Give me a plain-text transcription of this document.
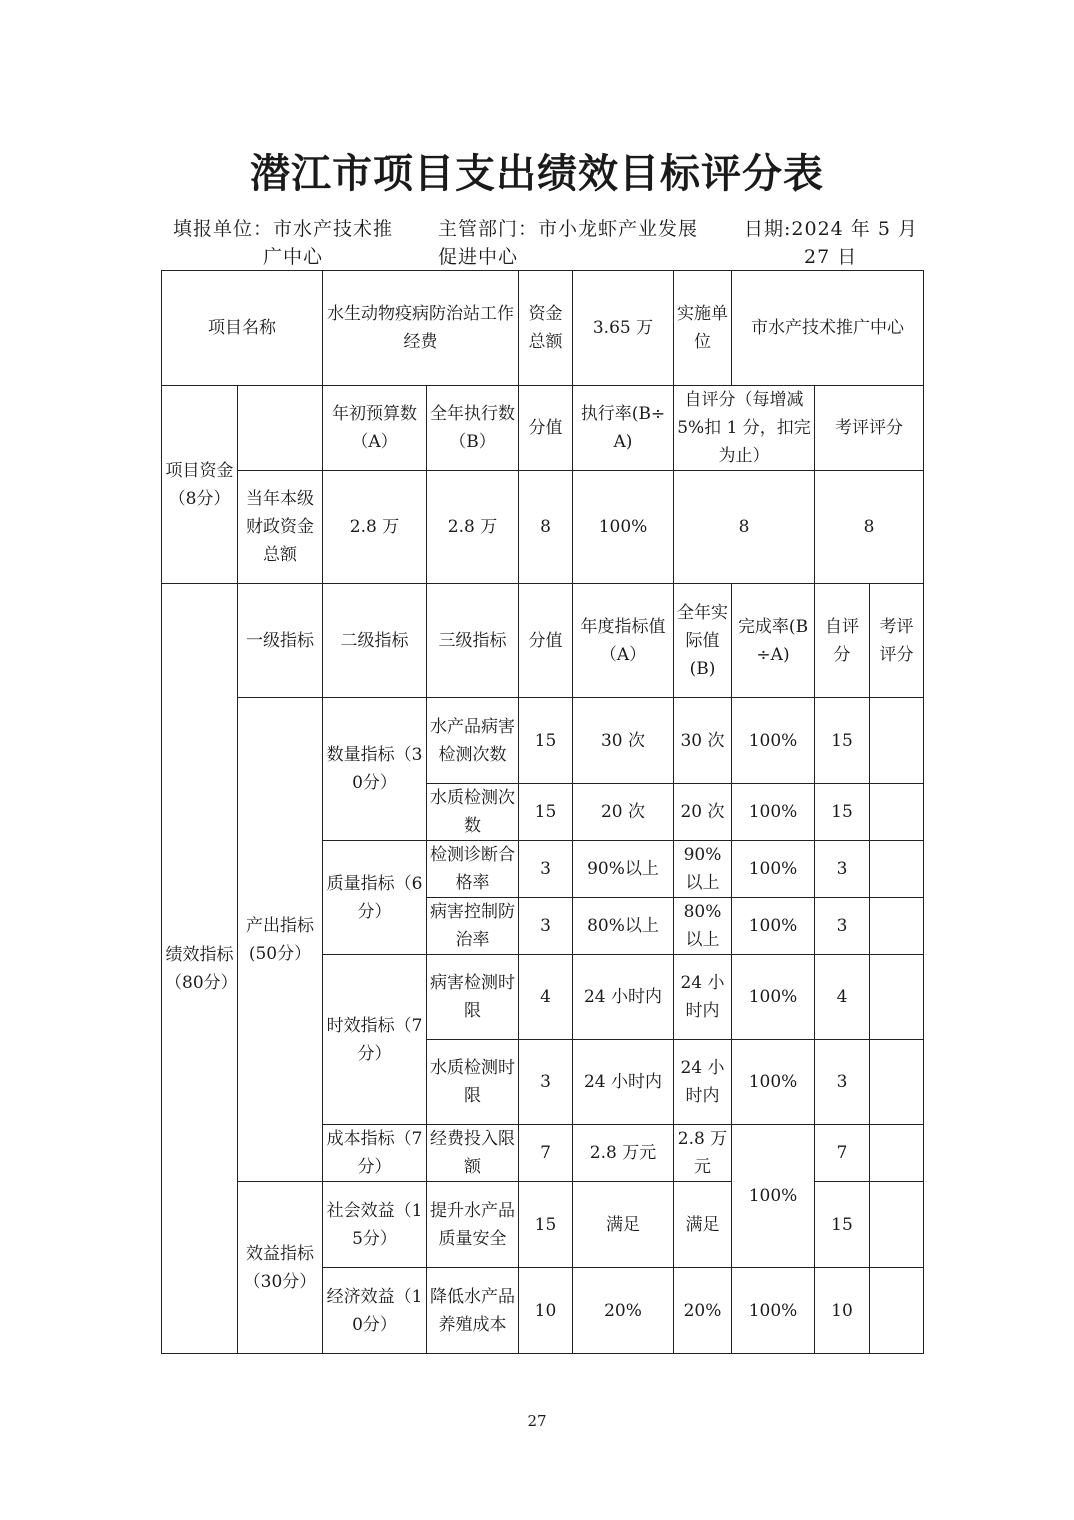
潜江市项目支出绩效目标评分表
填报单位：市水产技术推
广中心
主管部门：市小龙虾产业发展
促进中心
日期:2024 年 5 月
27 日
项目名称		水生动物疫病防治站工作经费		资金总额	3.65 万	实施单位	市水产技术推广中心		
项目资金（8分）		年初预算数（A）	全年执行数（B）	分值	执行率(B÷A)	自评分（每增减 5%扣 1 分，扣完为止）		考评评分	
	当年本级财政资金总额	2.8 万	2.8 万	8	100%	8		8	
绩效指标（80分）	一级指标	二级指标	三级指标	分值	年度指标值（A）	全年实际值(B)	完成率(B÷A)	自评分	考评评分
	产出指标(50分）	数量指标（30分）	水产品病害检测次数	15	30 次	30 次	100%	15	
			水质检测次数	15	20 次	20 次	100%	15	
		质量指标（6分）	检测诊断合格率	3	90%以上	90%以上	100%	3	
			病害控制防治率	3	80%以上	80%以上	100%	3	
		时效指标（7分）	病害检测时限	4	24 小时内	24 小时内	100%	4	
			水质检测时限	3	24 小时内	24 小时内	100%	3	
		成本指标（7分）	经费投入限额	7	2.8 万元	2.8 万元	100%	7	
	效益指标（30分）	社会效益（15分）	提升水产品质量安全	15	满足	满足		15	
		经济效益（10分）	降低水产品养殖成本	10	20%	20%	100%	10	
27
